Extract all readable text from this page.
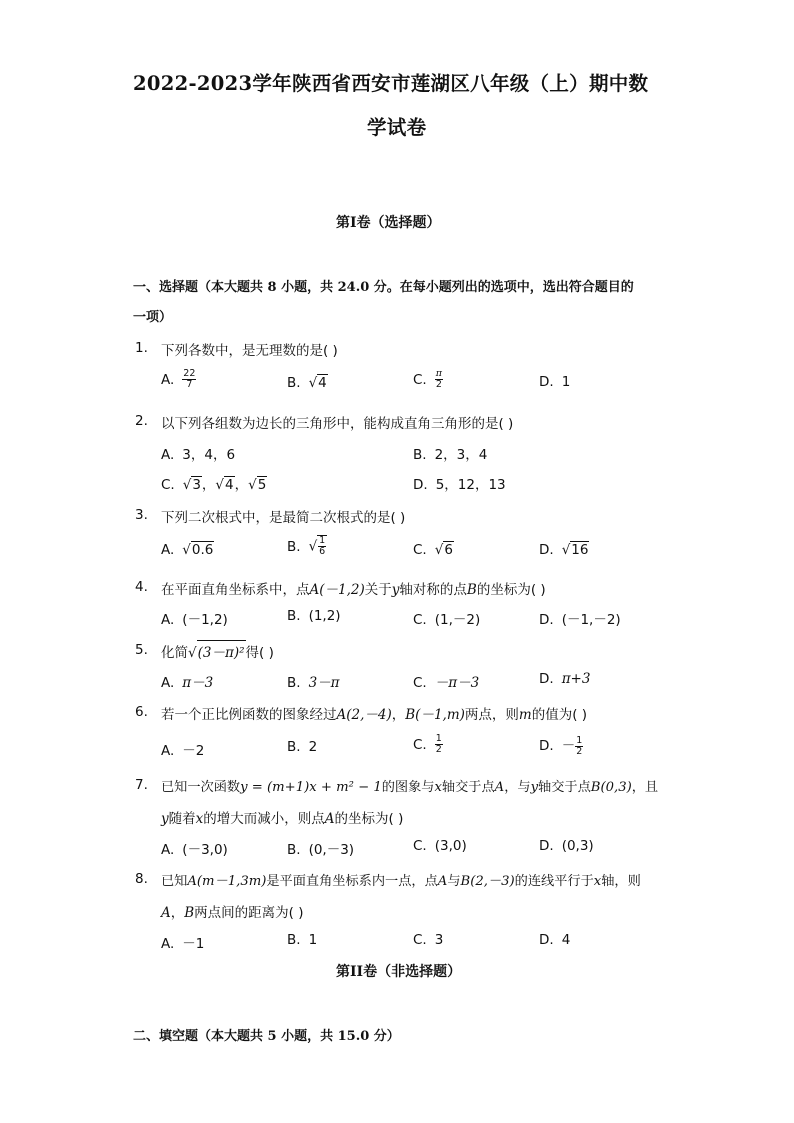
2022-2023学年陕西省西安市莲湖区八年级（上）期中数
学试卷
第I卷（选择题）
一、选择题（本大题共 8 小题，共 24.0 分。在每小题列出的选项中，选出符合题目的
一项）
1. 下列各数中，是无理数的是( )
A. $\frac{22}{7}$	B. √4	C. $\frac{\pi}{2}$	D. 1
2. 以下列各组数为边长的三角形中，能构成直角三角形的是( )
A. 3，4，6	B. 2，3，4
C. √3，√4，√5	D. 5，12，13
3. 下列二次根式中，是最简二次根式的是( )
A. √0.6	B. √ $\frac{1}{6}$	C. √6	D. √16
4. 在平面直角坐标系中，点A(－1,2)关于y轴对称的点B的坐标为( )
A. (－1,2)	B. (1,2)	C. (1,－2)	D. (－1,－2)
5. 化简√(3－π)²得( )
A. π－3	B. 3－π	C. －π－3	D. π+3
6. 若一个正比例函数的图象经过A(2,－4)，B(－1,m)两点，则m的值为( )
A. －2	B. 2	C. $\frac{1}{2}$	D. － $\frac{1}{2}$
7. 已知一次函数y = (m+1)x + m² − 1的图象与x轴交于点A，与y轴交于点B(0,3)，且
y随着x的增大而减小，则点A的坐标为( )
A. (－3,0)	B. (0,－3)	C. (3,0)	D. (0,3)
8. 已知A(m－1,3m)是平面直角坐标系内一点，点A与B(2,－3)的连线平行于x轴，则
A，B两点间的距离为( )
A. －1	B. 1	C. 3	D. 4
第II卷（非选择题）
二、填空题（本大题共 5 小题，共 15.0 分）
